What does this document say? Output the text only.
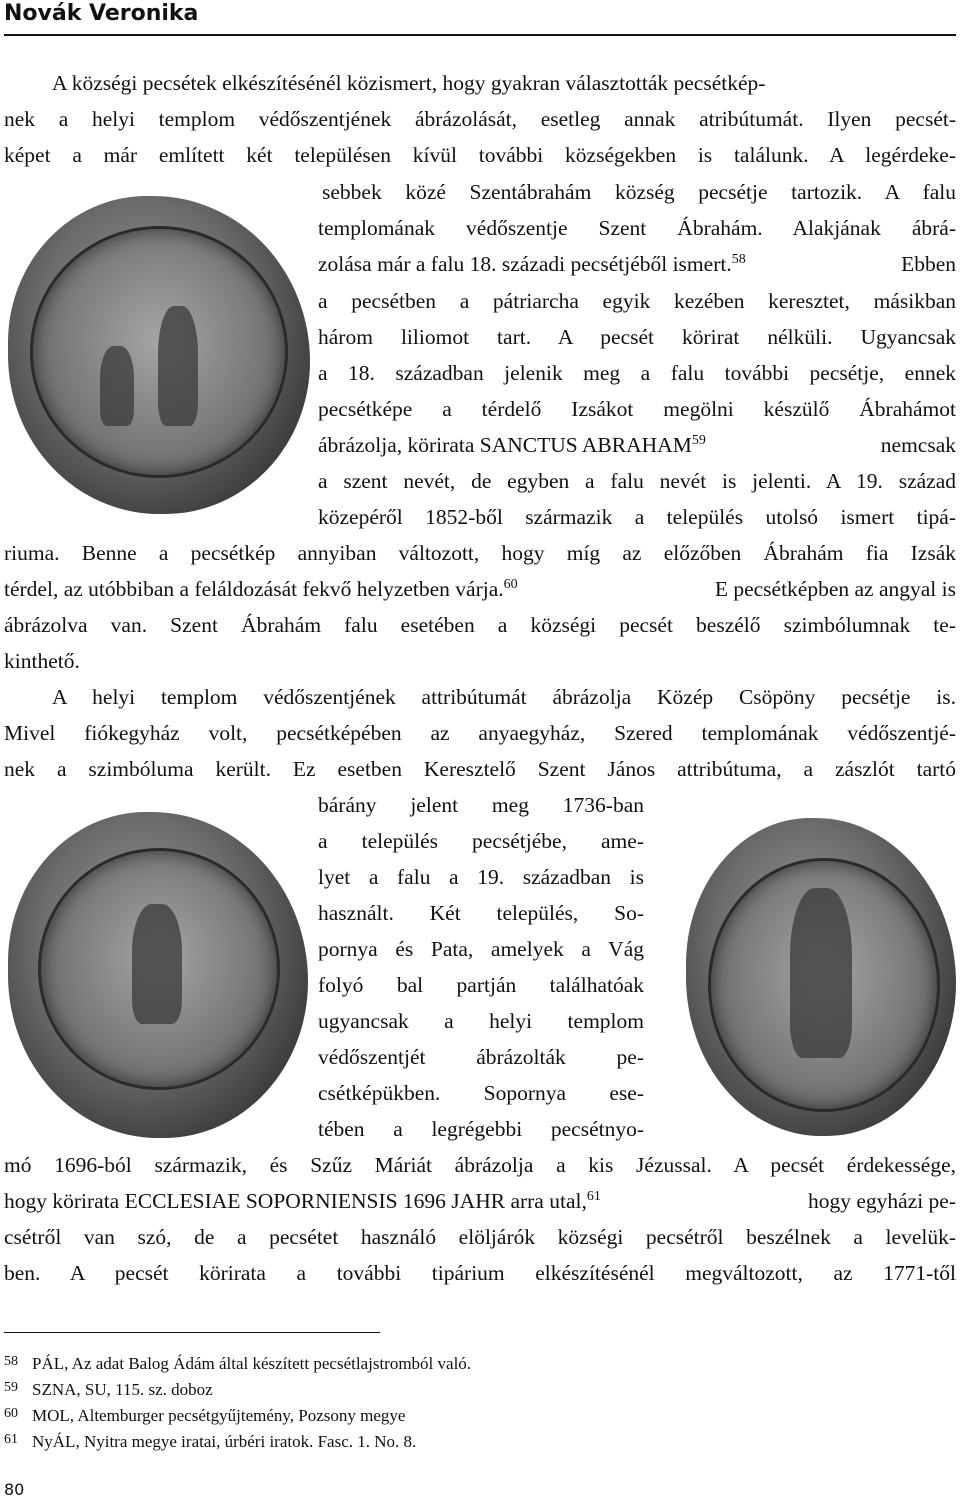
Novák Veronika
A községi pecsétek elkészítésénél közismert, hogy gyakran választották pecsétkép-
nek a helyi templom védőszentjének ábrázolását, esetleg annak atribútumát. Ilyen pecsét-
képet a már említett két településen kívül további községekben is találunk. A legérdeke-
sebbek közé Szentábrahám község pecsétje tartozik. A falu
templomának védőszentje Szent Ábrahám. Alakjának ábrá-
zolása már a falu 18. századi pecsétjéből ismert.$^{58}$	Ebben
a pecsétben a pátriarcha egyik kezében keresztet, másikban
három liliomot tart. A pecsét körirat nélküli. Ugyancsak
a 18. században jelenik meg a falu további pecsétje, ennek
pecsétképe a térdelő Izsákot megölni készülő Ábrahámot
ábrázolja, körirata SANCTUS ABRAHAM$^{59}$	nemcsak
a szent nevét, de egyben a falu nevét is jelenti. A 19. század
közepéről 1852-ből származik a település utolsó ismert tipá-
riuma. Benne a pecsétkép annyiban változott, hogy míg az előzőben Ábrahám fia Izsák
térdel, az utóbbiban a feláldozását fekvő helyzetben várja.$^{60}$	E pecsétképben az angyal is
ábrázolva van. Szent Ábrahám falu esetében a községi pecsét beszélő szimbólumnak te-
kinthető.
A helyi templom védőszentjének attribútumát ábrázolja Közép Csöpöny pecsétje is.
Mivel fiókegyház volt, pecsétképében az anyaegyház, Szered templomának védőszentjé-
nek a szimbóluma került. Ez esetben Keresztelő Szent János attribútuma, a zászlót tartó
bárány jelent meg 1736-ban
a település pecsétjébe, ame-
lyet a falu a 19. században is
használt. Két település, So-
pornya és Pata, amelyek a Vág
folyó bal partján találhatóak
ugyancsak a helyi templom
védőszentjét ábrázolták pe-
csétképükben. Sopornya ese-
tében a legrégebbi pecsétnyo-
mó 1696-ból származik, és Szűz Máriát ábrázolja a kis Jézussal. A pecsét érdekessége,
hogy körirata ECCLESIAE SOPORNIENSIS 1696 JAHR arra utal,$^{61}$	hogy egyházi pe-
csétről van szó, de a pecsétet használó elöljárók községi pecsétről beszélnek a levelük-
ben. A pecsét körirata a további tipárium elkészítésénél megváltozott, az 1771-től
58 PÁL, Az adat Balog Ádám által készített pecsétlajstromból való.
59 SZNA, SU, 115. sz. doboz
60 MOL, Altemburger pecsétgyűjtemény, Pozsony megye
61 NyÁL, Nyitra megye iratai, úrbéri iratok. Fasc. 1. No. 8.
80
